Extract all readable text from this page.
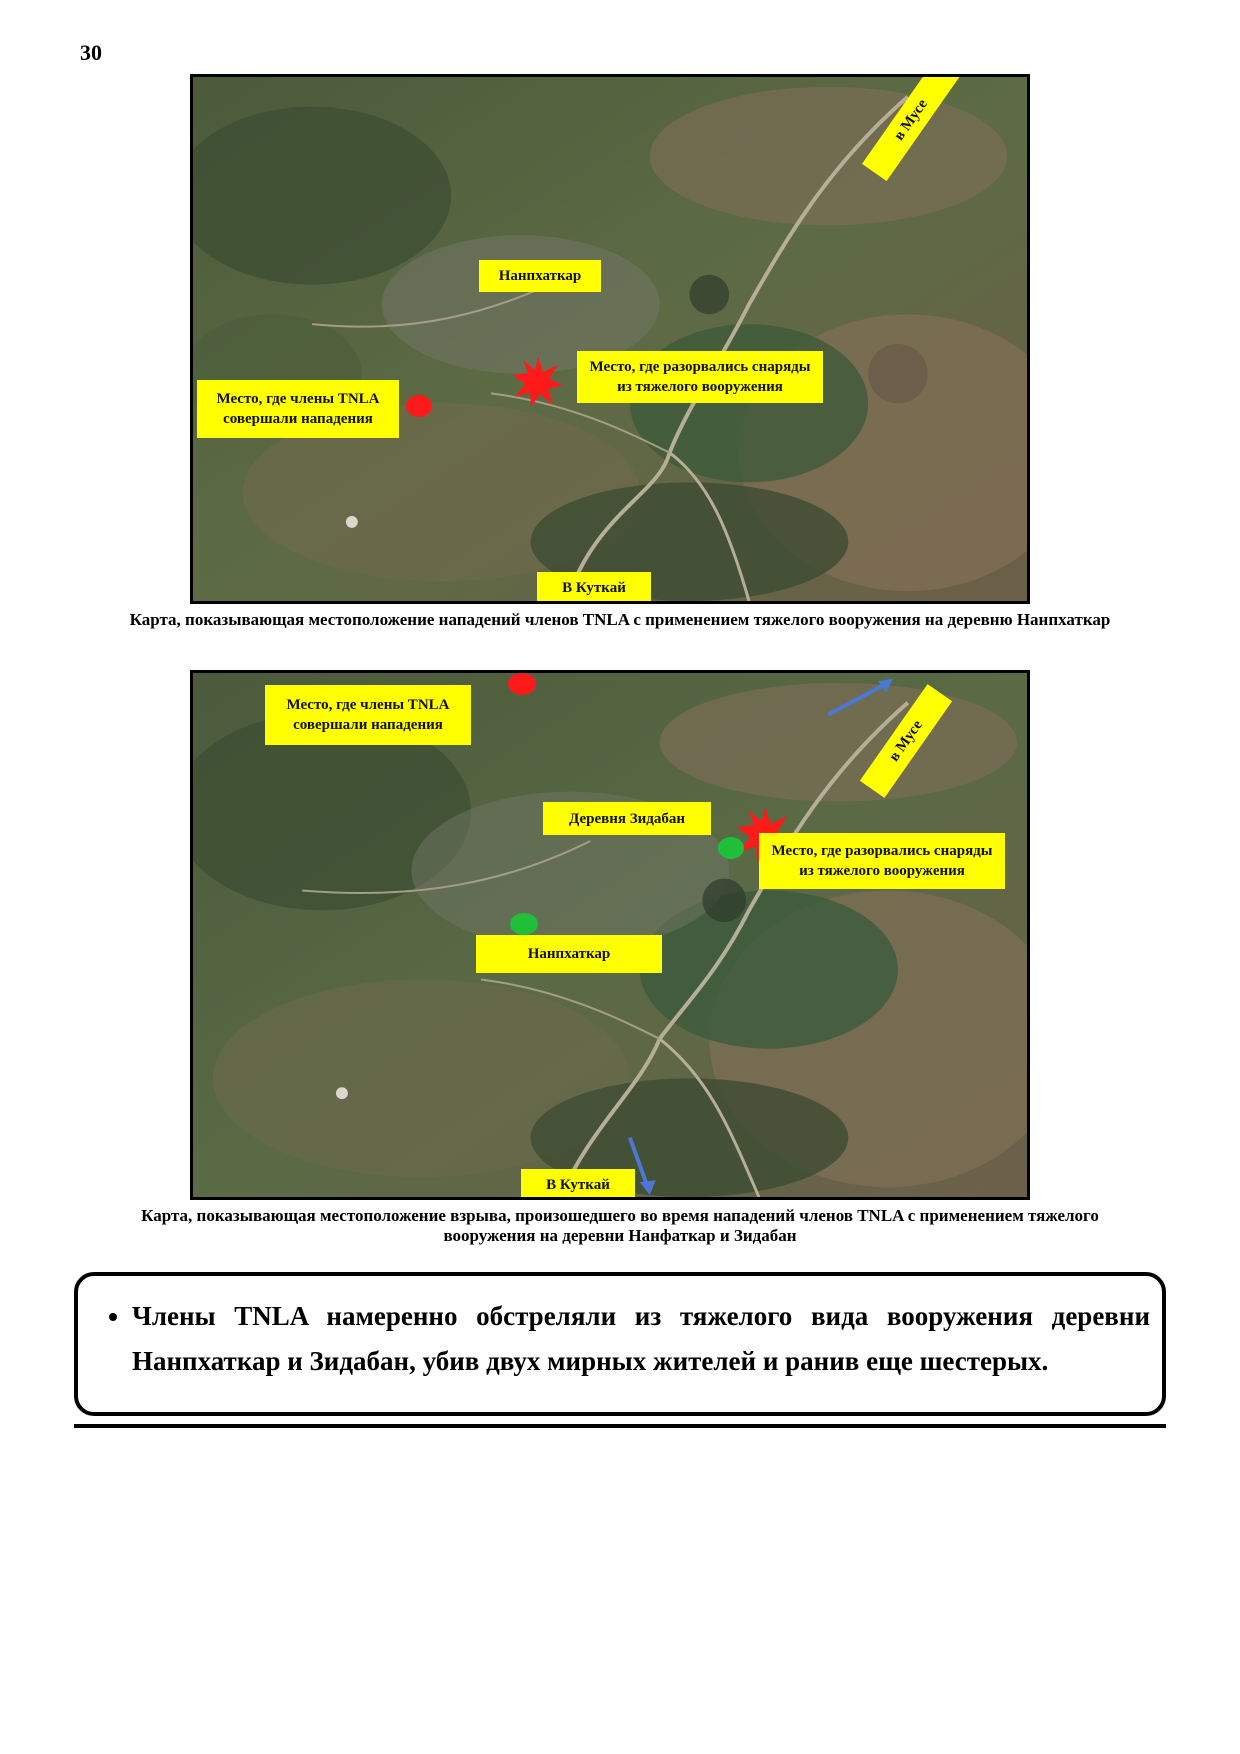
30
Нанпхаткар
в Мусе
Место, где разорвались снаряды из тяжелого вооружения
Место, где члены TNLA совершали нападения
В Куткай
Карта, показывающая местоположение нападений членов TNLA с применением тяжелого вооружения на деревню Нанпхаткар
Место, где члены TNLA совершали нападения	в Мусе
Деревня Зидабан
Место, где разорвались снаряды из тяжелого вооружения
Нанпхаткар
В Куткай
Карта, показывающая местоположение взрыва, произошедшего во время нападений членов TNLA с применением тяжелого вооружения на деревни Нанфаткар и Зидабан
• Члены TNLA намеренно обстреляли из тяжелого вида вооружения деревни Нанпхаткар и Зидабан, убив двух мирных жителей и ранив еще шестерых.
